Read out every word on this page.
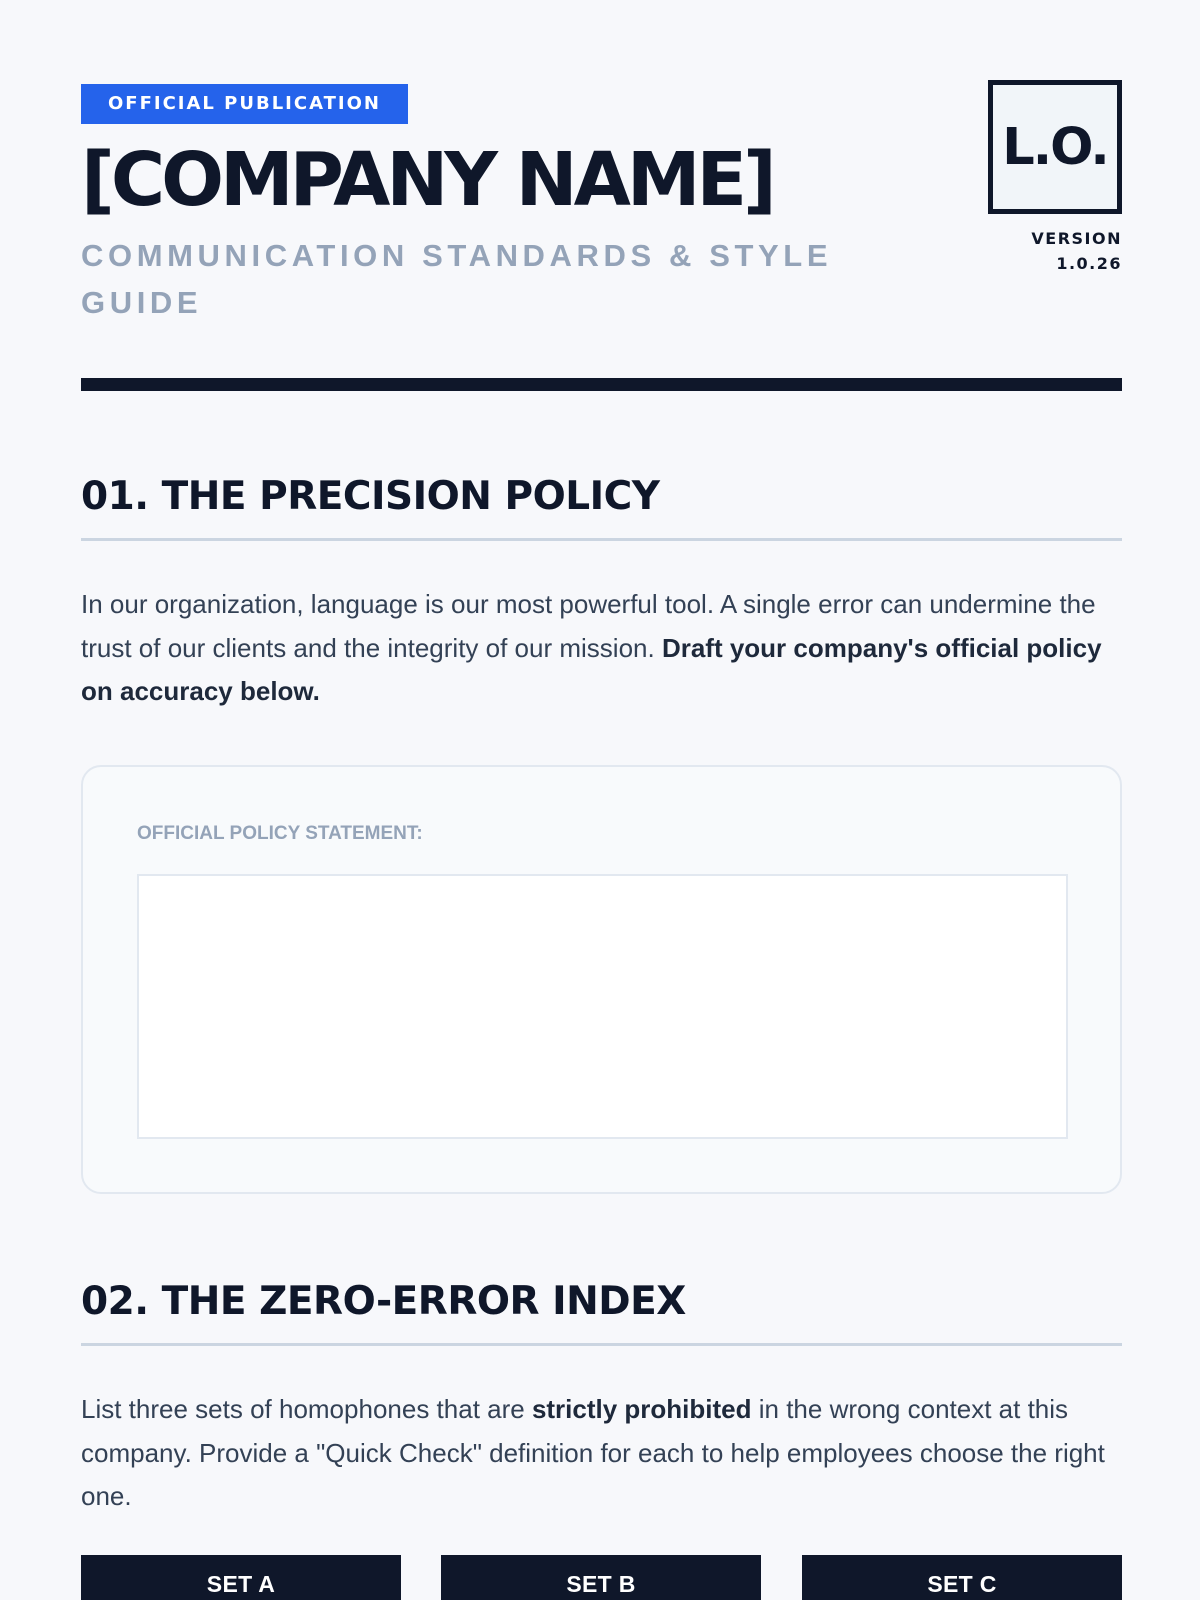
OFFICIAL PUBLICATION
[COMPANY NAME]
COMMUNICATION STANDARDS & STYLE GUIDE
L.O.
VERSION
1.0.26
01. THE PRECISION POLICY

In our organization, language is our most powerful tool. A single error can undermine the trust of our clients and the integrity of our mission. Draft your company's official policy on accuracy below.

OFFICIAL POLICY STATEMENT:
02. THE ZERO-ERROR INDEX

List three sets of homophones that are strictly prohibited in the wrong context at this company. Provide a "Quick Check" definition for each to help employees choose the right one.

SET A	SET B	SET C
